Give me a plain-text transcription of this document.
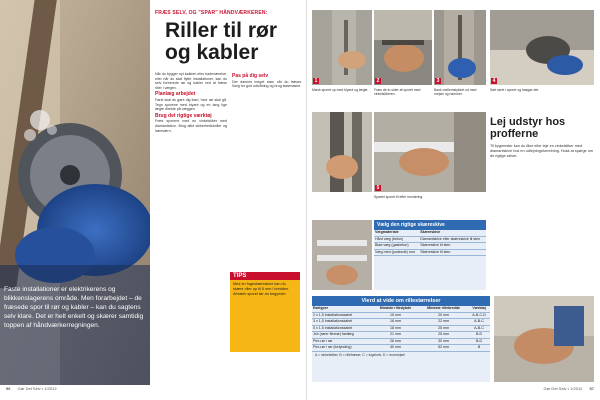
Faste installationer er elektrikerens og blikkenslagerens område. Men forarbejdet – de fræsede spor til rør og kabler – kan du sagtens selv klare. Det er helt enkelt og skærer samtidig toppen af håndværkerregningen.
FRÆS SELV, OG "SPAR" HÅNDVÆRKEREN:
Riller til rør
og kabler

Når du bygger nyt køkken eller badeværelse, eller når du skal flytte installationer, kan du selv forberede rør og kabler ved at fræse riller i vægen.

Planlæg arbejdet

Først skal du gøre dig klart, hvor rør skal gå. Tegn sporene med blyant og en lang lige lægte direkte på væggen.

Brug det rigtige værktøj

Fræs sporene med en vinkelsliber med diamantskive. Brug altid sikkerhedsbriller og høreværn.

Pas på dig selv

Der dannes meget støv, når du fræser. Sørg for god udluftning og brug støvmaske.

TIPS
Med en fugeskæreskive kan du skære riller op til 5 mm i bredden. Afmærk sporet før du begynder.
1	2	3	4
Mærk sporet op med blyant og lægte.	Fræs de to sider af sporet med vinkelsliberen.
Bank mellemstykket ud med mejsel og hammer.
Sæt røret i sporet og fastgør det.
5
Spartel sporet til efter montering.
Lej udstyr hos
profferne
Til bygmester kan du låne eller leje en vinkelsliber med diamantskive hos en udlejningsforretning. Husk at spørge om de rigtige skiver.
Vælg den rigtige skæreskive
Vægmateriale	Skæreskive
Hård væg (beton)	Diamantskive eller skæreskive til sten
Blød væg (gasbeton)	Skæreskive til sten
Væg med (pudsede) mur	Skæreskive til sten
Vierd at vide om rillestørrelser
Rørtyper	Mindste rilledybde	Mindste rillebredde	Værktøj
2 x 1,5 installationskabel	15 mm	20 mm	A-B-C-D
3 x 1,5 installationskabel	16 mm	22 mm	A-B-C
5 x 1,5 installationskabel	18 mm	25 mm	A-B-C
Jxb (rører flexrør) fastlæg	21 mm	25 mm	B-D
Pex-rør i rør	26 mm	30 mm	B-D
Pex-rør i rør (fortynding)	40 mm	52 mm	B
A = vinkelsliber, B = rillefræser, C = fugekniv, D = murmejsel
56 Gør Det Selv • 1/2012	Gør Det Selv • 1/2012 57
